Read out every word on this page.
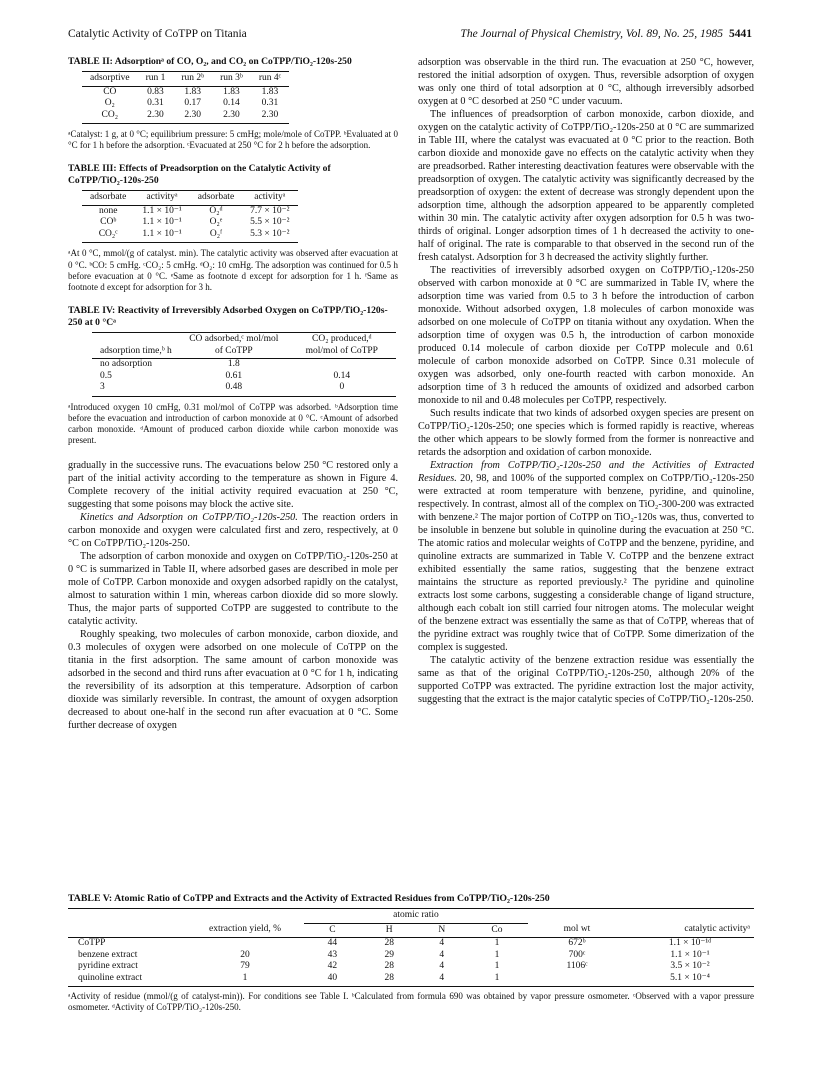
Catalytic Activity of CoTPP on Titania	The Journal of Physical Chemistry, Vol. 89, No. 25, 1985 5441
TABLE II: Adsorptionᵃ of CO, O₂, and CO₂ on CoTPP/TiO₂-120s-250
adsorptive	run 1	run 2ᵇ	run 3ᵇ	run 4ᶜ
CO	0.83	1.83	1.83	1.83
O₂	0.31	0.17	0.14	0.31
CO₂	2.30	2.30	2.30	2.30
ᵃCatalyst: 1 g, at 0 °C; equilibrium pressure: 5 cmHg; mole/mole of CoTPP. ᵇEvaluated at 0 °C for 1 h before the adsorption. ᶜEvacuated at 250 °C for 2 h before the adsorption.
TABLE III: Effects of Preadsorption on the Catalytic Activity of CoTPP/TiO₂-120s-250
adsorbate	activityᵃ	adsorbate	activityᵃ
none	1.1 × 10⁻¹	O₂ᵈ	7.7 × 10⁻²
COᵇ	1.1 × 10⁻¹	O₂ᵉ	5.5 × 10⁻²
CO₂ᶜ	1.1 × 10⁻¹	O₂ᶠ	5.3 × 10⁻²
ᵃAt 0 °C, mmol/(g of catalyst. min). The catalytic activity was observed after evacuation at 0 °C. ᵇCO: 5 cmHg. ᶜCO₂: 5 cmHg. ᵈO₂: 10 cmHg. The adsorption was continued for 0.5 h before evacuation at 0 °C. ᵉSame as footnote d except for adsorption for 1 h. ᶠSame as footnote d except for adsorption for 3 h.
TABLE IV: Reactivity of Irreversibly Adsorbed Oxygen on CoTPP/TiO₂-120s-250 at 0 °Cᵃ
adsorption time,ᵇ h	CO adsorbed,ᶜ mol/mol of CoTPP	CO₂ produced,ᵈ mol/mol of CoTPP
no adsorption	1.8	
0.5	0.61	0.14
3	0.48	0
ᵃIntroduced oxygen 10 cmHg, 0.31 mol/mol of CoTPP was adsorbed. ᵇAdsorption time before the evacuation and introduction of carbon monoxide at 0 °C. ᶜAmount of adsorbed carbon monoxide. ᵈAmount of produced carbon dioxide while carbon monoxide was present.

gradually in the successive runs. The evacuations below 250 °C restored only a part of the initial activity according to the temperature as shown in Figure 4. Complete recovery of the initial activity required evacuation at 250 °C, suggesting that some poisons may block the active site.

Kinetics and Adsorption on CoTPP/TiO₂-120s-250. The reaction orders in carbon monoxide and oxygen were calculated first and zero, respectively, at 0 °C on CoTPP/TiO₂-120s-250.

The adsorption of carbon monoxide and oxygen on CoTPP/TiO₂-120s-250 at 0 °C is summarized in Table II, where adsorbed gases are described in mole per mole of CoTPP. Carbon monoxide and oxygen adsorbed rapidly on the catalyst, almost to saturation within 1 min, whereas carbon dioxide did so more slowly. Thus, the major parts of supported CoTPP are suggested to contribute to the catalytic activity.

Roughly speaking, two molecules of carbon monoxide, carbon dioxide, and 0.3 molecules of oxygen were adsorbed on one molecule of CoTPP on the titania in the first adsorption. The same amount of carbon monoxide was adsorbed in the second and third runs after evacuation at 0 °C for 1 h, indicating the reversibility of its adsorption at this temperature. Adsorption of carbon dioxide was similarly reversible. In contrast, the amount of oxygen adsorption decreased to about one-half in the second run after evacuation at 0 °C. Some further decrease of oxygen

adsorption was observable in the third run. The evacuation at 250 °C, however, restored the initial adsorption of oxygen. Thus, reversible adsorption of oxygen was only one third of total adsorption at 0 °C, although irreversibly adsorbed oxygen at 0 °C desorbed at 250 °C under vacuum.

The influences of preadsorption of carbon monoxide, carbon dioxide, and oxygen on the catalytic activity of CoTPP/TiO₂-120s-250 at 0 °C are summarized in Table III, where the catalyst was evacuated at 0 °C prior to the reaction. Both carbon dioxide and monoxide gave no effects on the catalytic activity when they are preadsorbed. Rather interesting deactivation features were observable with the preadsorption of oxygen. The catalytic activity was significantly decreased by the preadsorption of oxygen: the extent of decrease was strongly dependent upon the adsorption time, although the adsorption appeared to be apparently completed within 30 min. The catalytic activity after oxygen adsorption for 0.5 h was two-thirds of original. Longer adsorption times of 1 h decreased the activity to one-half of original. The rate is comparable to that observed in the second run of the fresh catalyst. Adsorption for 3 h decreased the activity slightly further.

The reactivities of irreversibly adsorbed oxygen on CoTPP/TiO₂-120s-250 observed with carbon monoxide at 0 °C are summarized in Table IV, where the adsorption time was varied from 0.5 to 3 h before the introduction of carbon monoxide. Without adsorbed oxygen, 1.8 molecules of carbon monoxide was adsorbed on one molecule of CoTPP on titania without any oxydation. When the adsorption time of oxygen was 0.5 h, the introduction of carbon monoxide produced 0.14 molecule of carbon dioxide per CoTPP molecule and 0.61 molecule of carbon monoxide adsorbed on CoTPP. Since 0.31 molecule of oxygen was adsorbed, only one-fourth reacted with carbon monoxide. An adsorption time of 3 h reduced the amounts of oxidized and adsorbed carbon monoxide to nil and 0.48 molecules per CoTPP, respectively.

Such results indicate that two kinds of adsorbed oxygen species are present on CoTPP/TiO₂-120s-250; one species which is formed rapidly is reactive, whereas the other which appears to be slowly formed from the former is nonreactive and retards the adsorption and oxidation of carbon monoxide.

Extraction from CoTPP/TiO₂-120s-250 and the Activities of Extracted Residues. 20, 98, and 100% of the supported complex on CoTPP/TiO₂-120s-250 were extracted at room temperature with benzene, pyridine, and quinoline, respectively. In contrast, almost all of the complex on TiO₂-300-200 was extracted with benzene.² The major portion of CoTPP on TiO₂-120s was, thus, converted to be insoluble in benzene but soluble in quinoline during the evacuation at 250 °C. The atomic ratios and molecular weights of CoTPP and the benzene, pyridine, and quinoline extracts are summarized in Table V. CoTPP and the benzene extract exhibited essentially the same ratios, suggesting that the benzene extract maintains the structure as reported previously.² The pyridine and quinoline extracts lost some carbons, suggesting a considerable change of ligand structure, although each cobalt ion still carried four nitrogen atoms. The molecular weight of the benzene extract was essentially the same as that of CoTPP, whereas that of the pyridine extract was roughly twice that of CoTPP. Some dimerization of the complex is suggested.

The catalytic activity of the benzene extraction residue was essentially the same as that of the original CoTPP/TiO₂-120s-250, although 20% of the supported CoTPP was extracted. The pyridine extraction lost the major activity, suggesting that the extract is the major catalytic species of CoTPP/TiO₂-120s-250.

TABLE V: Atomic Ratio of CoTPP and Extracts and the Activity of Extracted Residues from CoTPP/TiO₂-120s-250
		atomic ratio					
	extraction yield, %	C	H	N	Co	mol wt	catalytic activityᵃ
CoTPP		44	28	4	1	672ᵇ	1.1 × 10⁻¹ᵈ
benzene extract	20	43	29	4	1	700ᶜ	1.1 × 10⁻¹
pyridine extract	79	42	28	4	1	1106ᶜ	3.5 × 10⁻²
quinoline extract	1	40	28	4	1		5.1 × 10⁻⁴
ᵃActivity of residue (mmol/(g of catalyst-min)). For conditions see Table I. ᵇCalculated from formula 690 was obtained by vapor pressure osmometer. ᶜObserved with a vapor pressure osmometer. ᵈActivity of CoTPP/TiO₂-120s-250.
